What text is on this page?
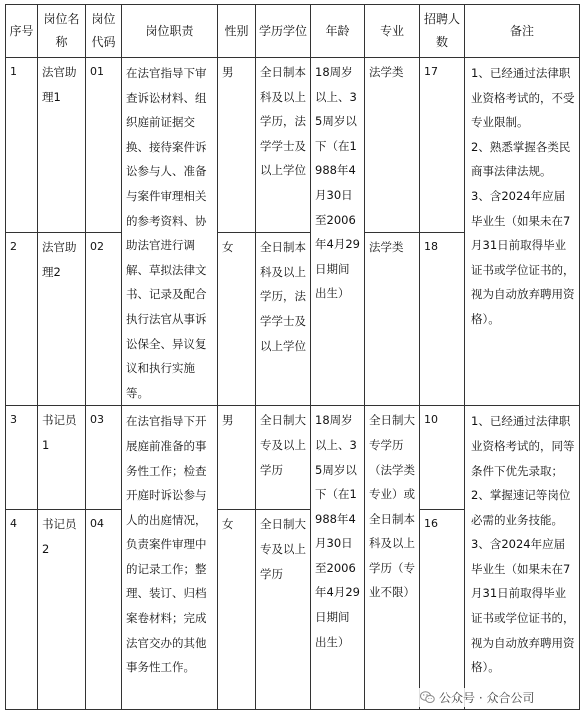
序号	岗位名称	岗位代码	岗位职责	性别	学历学位	年龄	专业	招聘人数	备注
1	法官助理1	01	在法官指导下审查诉讼材料、组织庭前证据交换、接待案件诉讼参与人、准备与案件审理相关的参考资料、协助法官进行调解、草拟法律文书、记录及配合执行法官从事诉讼保全、异议复议和执行实施等。	男	全日制本科及以上学历，法学学士及以上学位	18周岁以上、35周岁以下（在1988年4月30日至2006年4月29日期间出生）	法学类	17	1、已经通过法律职业资格考试的，不受专业限制。

2、熟悉掌握各类民商事法律法规。

3、含2024年应届毕业生（如果未在7月31日前取得毕业证书或学位证书的，视为自动放弃聘用资格）。

2	法官助理2	02		女	全日制本科及以上学历，法学学士及以上学位		法学类	18	
3	书记员1	03	在法官指导下开展庭前准备的事务性工作；检查开庭时诉讼参与人的出庭情况，负责案件审理中的记录工作；整理、装订、归档案卷材料；完成法官交办的其他事务性工作。	男	全日制大专及以上学历	18周岁以上、35周岁以下（在1988年4月30日至2006年4月29日期间出生）	全日制大专学历（法学类专业）或全日制本科及以上学历（专业不限）	10	1、已经通过法律职业资格考试的，同等条件下优先录取；

2、掌握速记等岗位必需的业务技能。

3、含2024年应届毕业生（如果未在7月31日前取得毕业证书或学位证书的，视为自动放弃聘用资格）。

4	书记员2	04		女	全日制大专及以上学历			16	
公众号 · 众合公司
